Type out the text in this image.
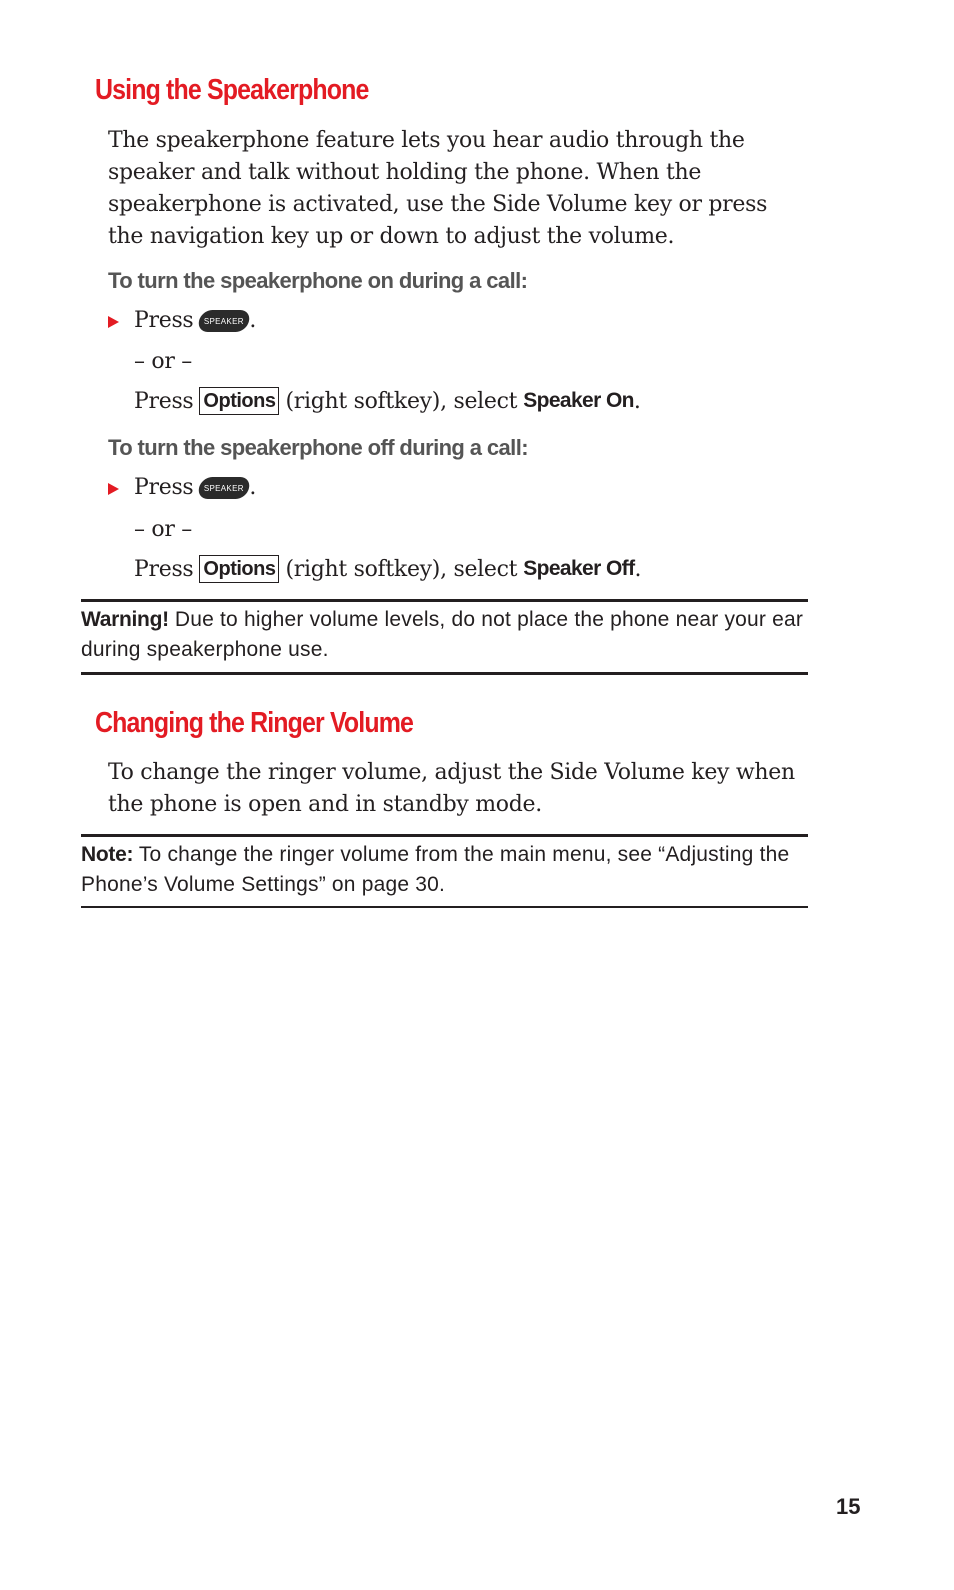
Using the Speakerphone

The speakerphone feature lets you hear audio through the speaker and talk without holding the phone. When the speakerphone is activated, use the Side Volume key or press the navigation key up or down to adjust the volume.

To turn the speakerphone on during a call:

Press SPEAKER .

– or –

Press Options (right softkey), select Speaker On .

To turn the speakerphone off during a call:

Press SPEAKER .

– or –

Press Options (right softkey), select Speaker Off .

Warning! Due to higher volume levels, do not place the phone near your ear during speakerphone use.

Changing the Ringer Volume

To change the ringer volume, adjust the Side Volume key when the phone is open and in standby mode.

Note: To change the ringer volume from the main menu, see “Adjusting the Phone’s Volume Settings” on page 30.

15
